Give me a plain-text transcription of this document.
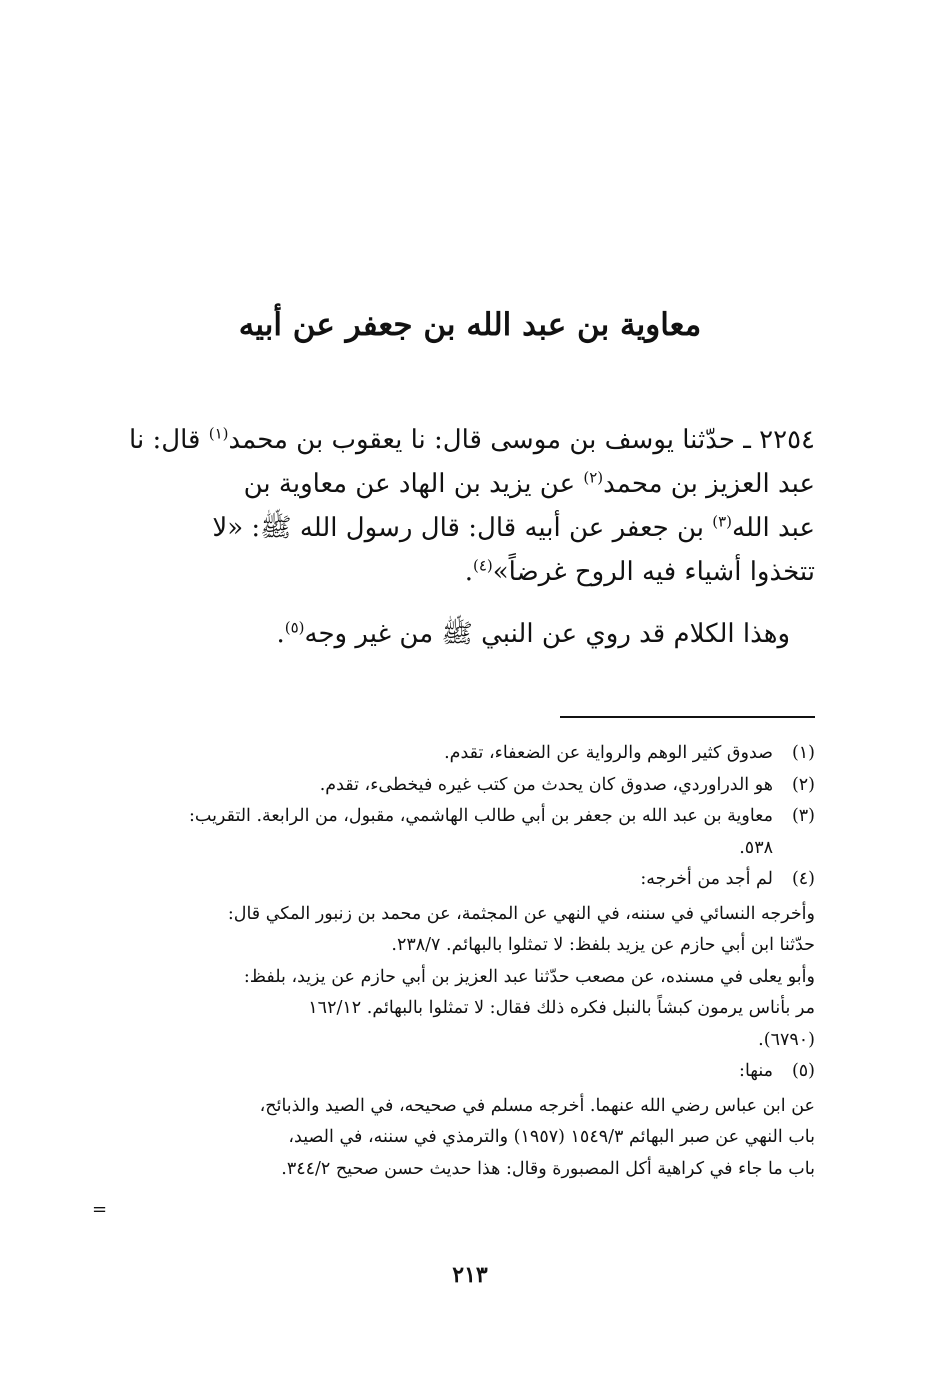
معاوية بن عبد الله بن جعفر عن أبيه

٢٢٥٤ ـ حدّثنا يوسف بن موسى قال: نا يعقوب بن محمد$^{(١)}$ قال: نا

عبد العزيز بن محمد$^{(٢)}$ عن يزيد بن الهاد عن معاوية بن

عبد الله$^{(٣)}$ بن جعفر عن أبيه قال: قال رسول الله ﷺ: «لا

تتخذوا أشياء فيه الروح غرضاً»$^{(٤)}$.

وهذا الكلام قد روي عن النبي ﷺ من غير وجه$^{(٥)}$.
(١)
صدوق كثير الوهم والرواية عن الضعفاء، تقدم.
(٢)
هو الدراوردي، صدوق كان يحدث من كتب غيره فيخطىء، تقدم.
(٣)
معاوية بن عبد الله بن جعفر بن أبي طالب الهاشمي، مقبول، من الرابعة. التقريب:
٥٣٨.
(٤)
لم أجد من أخرجه:
وأخرجه النسائي في سننه، في النهي عن المجثمة، عن محمد بن زنبور المكي قال:
حدّثنا ابن أبي حازم عن يزيد بلفظ: لا تمثلوا بالبهائم. ٢٣٨/٧.
وأبو يعلى في مسنده، عن مصعب حدّثنا عبد العزيز بن أبي حازم عن يزيد، بلفظ:
مر بأناس يرمون كبشاً بالنبل فكره ذلك فقال: لا تمثلوا بالبهائم. ١٦٢/١٢
(٦٧٩٠).
(٥)
منها:
عن ابن عباس رضي الله عنهما. أخرجه مسلم في صحيحه، في الصيد والذبائح،
باب النهي عن صبر البهائم ١٥٤٩/٣ (١٩٥٧) والترمذي في سننه، في الصيد،
باب ما جاء في كراهية أكل المصبورة وقال: هذا حديث حسن صحيح ٣٤٤/٢.
=
٢١٣
